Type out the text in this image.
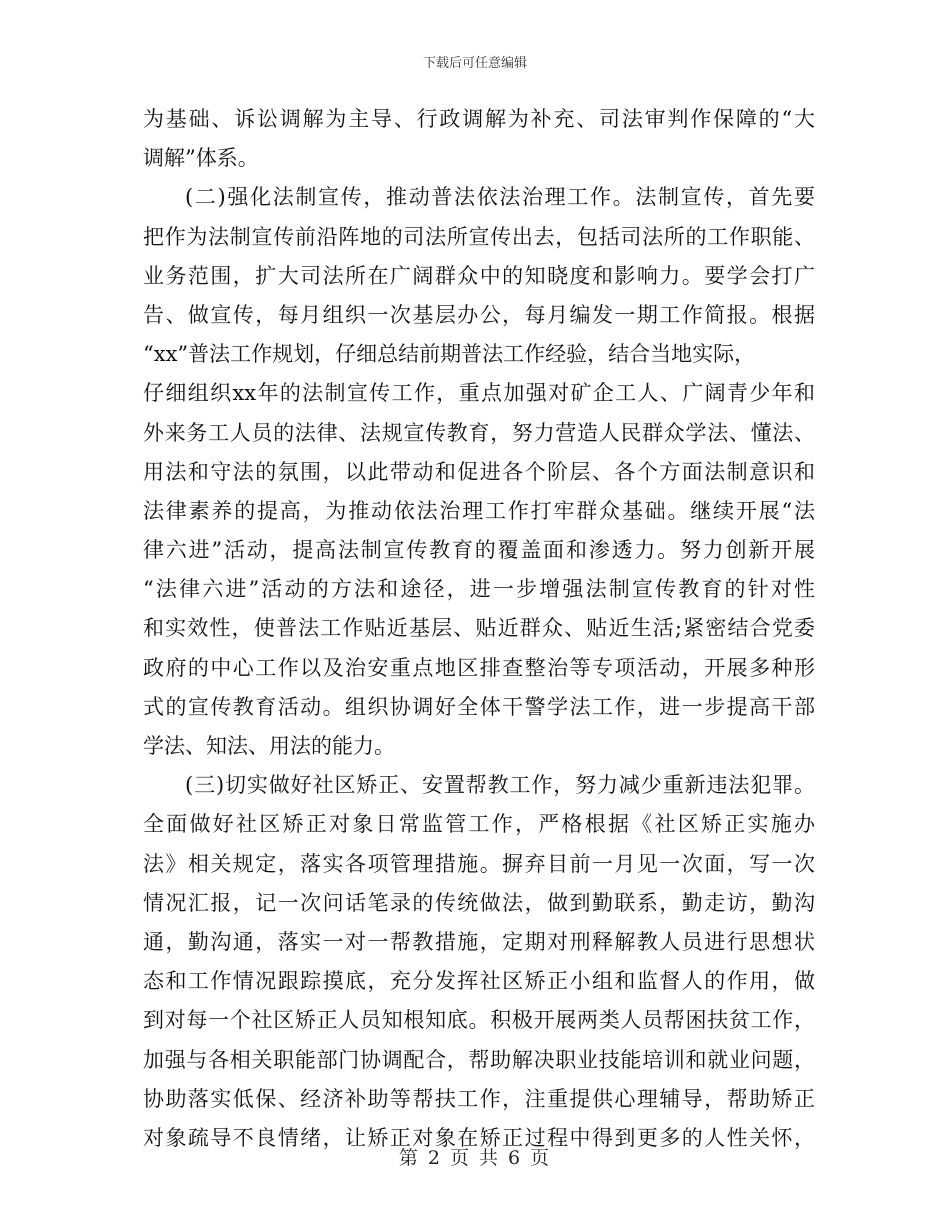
下载后可任意编辑
为基础、诉讼调解为主导、行政调解为补充、司法审判作保障的“大
调解”体系。
(二)强化法制宣传，推动普法依法治理工作。法制宣传，首先要
把作为法制宣传前沿阵地的司法所宣传出去，包括司法所的工作职能、
业务范围，扩大司法所在广阔群众中的知晓度和影响力。要学会打广
告、做宣传，每月组织一次基层办公，每月编发一期工作简报。根据
“xx”普法工作规划，仔细总结前期普法工作经验，结合当地实际，
仔细组织xx年的法制宣传工作，重点加强对矿企工人、广阔青少年和
外来务工人员的法律、法规宣传教育，努力营造人民群众学法、懂法、
用法和守法的氛围，以此带动和促进各个阶层、各个方面法制意识和
法律素养的提高，为推动依法治理工作打牢群众基础。继续开展“法
律六进”活动，提高法制宣传教育的覆盖面和渗透力。努力创新开展
“法律六进”活动的方法和途径，进一步增强法制宣传教育的针对性
和实效性，使普法工作贴近基层、贴近群众、贴近生活;紧密结合党委
政府的中心工作以及治安重点地区排查整治等专项活动，开展多种形
式的宣传教育活动。组织协调好全体干警学法工作，进一步提高干部
学法、知法、用法的能力。
(三)切实做好社区矫正、安置帮教工作，努力减少重新违法犯罪。
全面做好社区矫正对象日常监管工作，严格根据《社区矫正实施办
法》相关规定，落实各项管理措施。摒弃目前一月见一次面，写一次
情况汇报，记一次问话笔录的传统做法，做到勤联系，勤走访，勤沟
通，勤沟通，落实一对一帮教措施，定期对刑释解教人员进行思想状
态和工作情况跟踪摸底，充分发挥社区矫正小组和监督人的作用，做
到对每一个社区矫正人员知根知底。积极开展两类人员帮困扶贫工作，
加强与各相关职能部门协调配合，帮助解决职业技能培训和就业问题，
协助落实低保、经济补助等帮扶工作，注重提供心理辅导，帮助矫正
对象疏导不良情绪，让矫正对象在矫正过程中得到更多的人性关怀，
第 2 页 共 6 页
